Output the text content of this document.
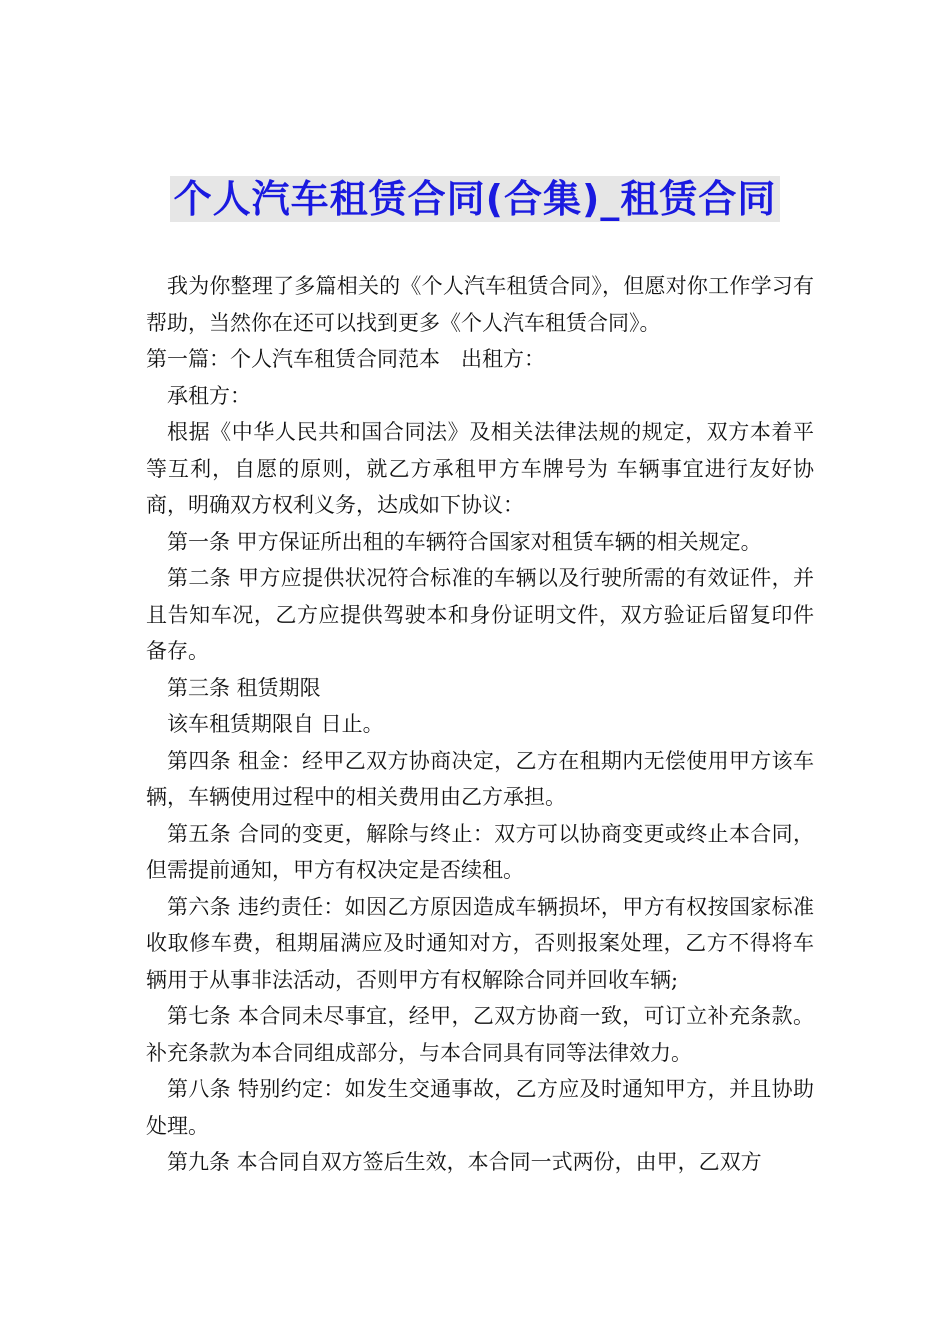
个人汽车租赁合同(合集)_租赁合同

我为你整理了多篇相关的《个人汽车租赁合同》，但愿对你工作学习有帮助，当然你在还可以找到更多《个人汽车租赁合同》。

第一篇：个人汽车租赁合同范本　出租方：

承租方：

根据《中华人民共和国合同法》及相关法律法规的规定，双方本着平等互利，自愿的原则，就乙方承租甲方车牌号为 车辆事宜进行友好协商，明确双方权利义务，达成如下协议：

第一条 甲方保证所出租的车辆符合国家对租赁车辆的相关规定。

第二条 甲方应提供状况符合标准的车辆以及行驶所需的有效证件，并且告知车况，乙方应提供驾驶本和身份证明文件，双方验证后留复印件备存。

第三条 租赁期限

该车租赁期限自 日止。

第四条 租金：经甲乙双方协商决定，乙方在租期内无偿使用甲方该车辆，车辆使用过程中的相关费用由乙方承担。

第五条 合同的变更，解除与终止：双方可以协商变更或终止本合同，但需提前通知，甲方有权决定是否续租。

第六条 违约责任：如因乙方原因造成车辆损坏，甲方有权按国家标准收取修车费，租期届满应及时通知对方，否则报案处理，乙方不得将车辆用于从事非法活动，否则甲方有权解除合同并回收车辆;

第七条 本合同未尽事宜，经甲，乙双方协商一致，可订立补充条款。补充条款为本合同组成部分，与本合同具有同等法律效力。

第八条 特别约定：如发生交通事故，乙方应及时通知甲方，并且协助处理。

第九条 本合同自双方签后生效，本合同一式两份，由甲，乙双方
